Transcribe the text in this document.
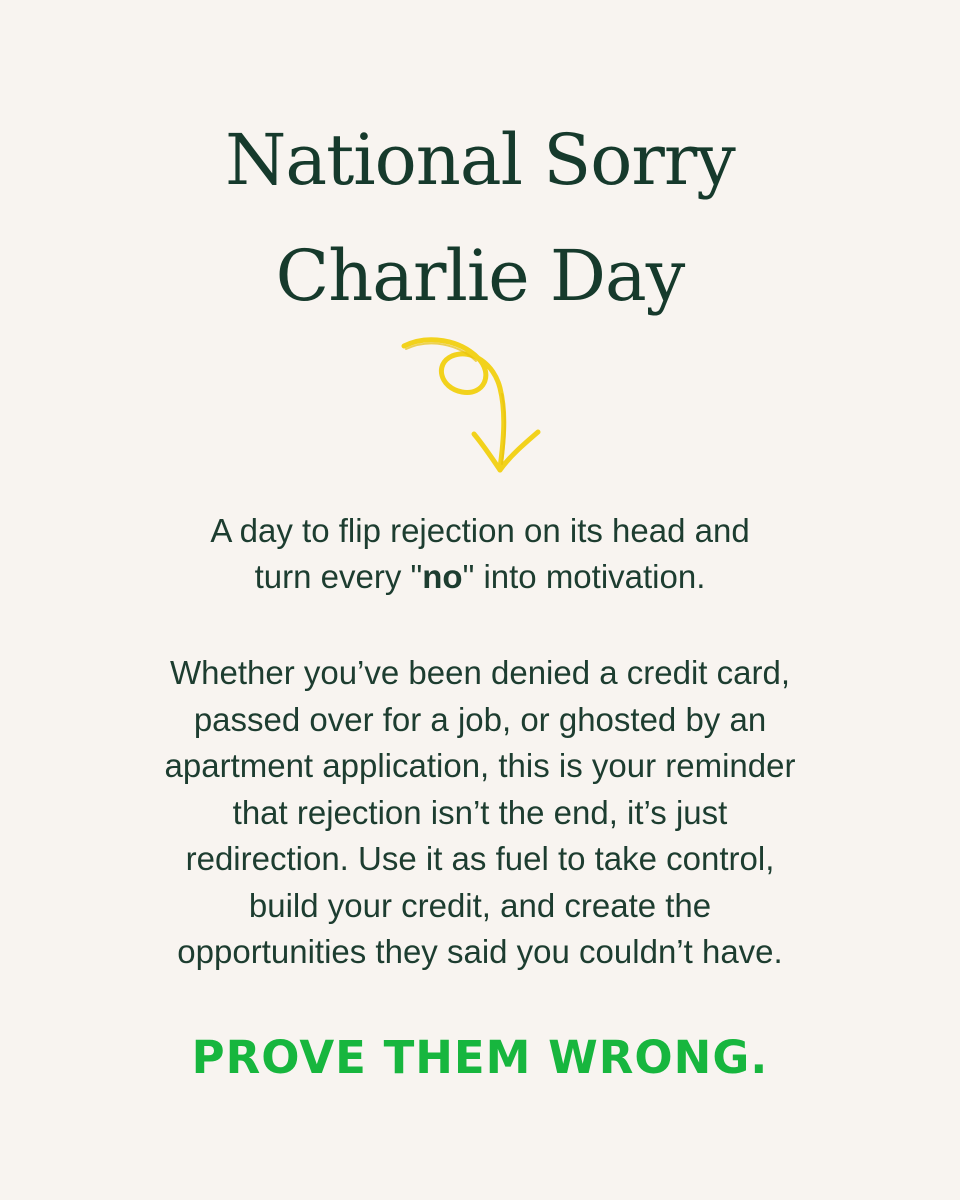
National Sorry
Charlie Day

A day to flip rejection on its head and
turn every "no" into motivation.

Whether you’ve been denied a credit card,
passed over for a job, or ghosted by an
apartment application, this is your reminder
that rejection isn’t the end, it’s just
redirection. Use it as fuel to take control,
build your credit, and create the
opportunities they said you couldn’t have.

PROVE THEM WRONG.
